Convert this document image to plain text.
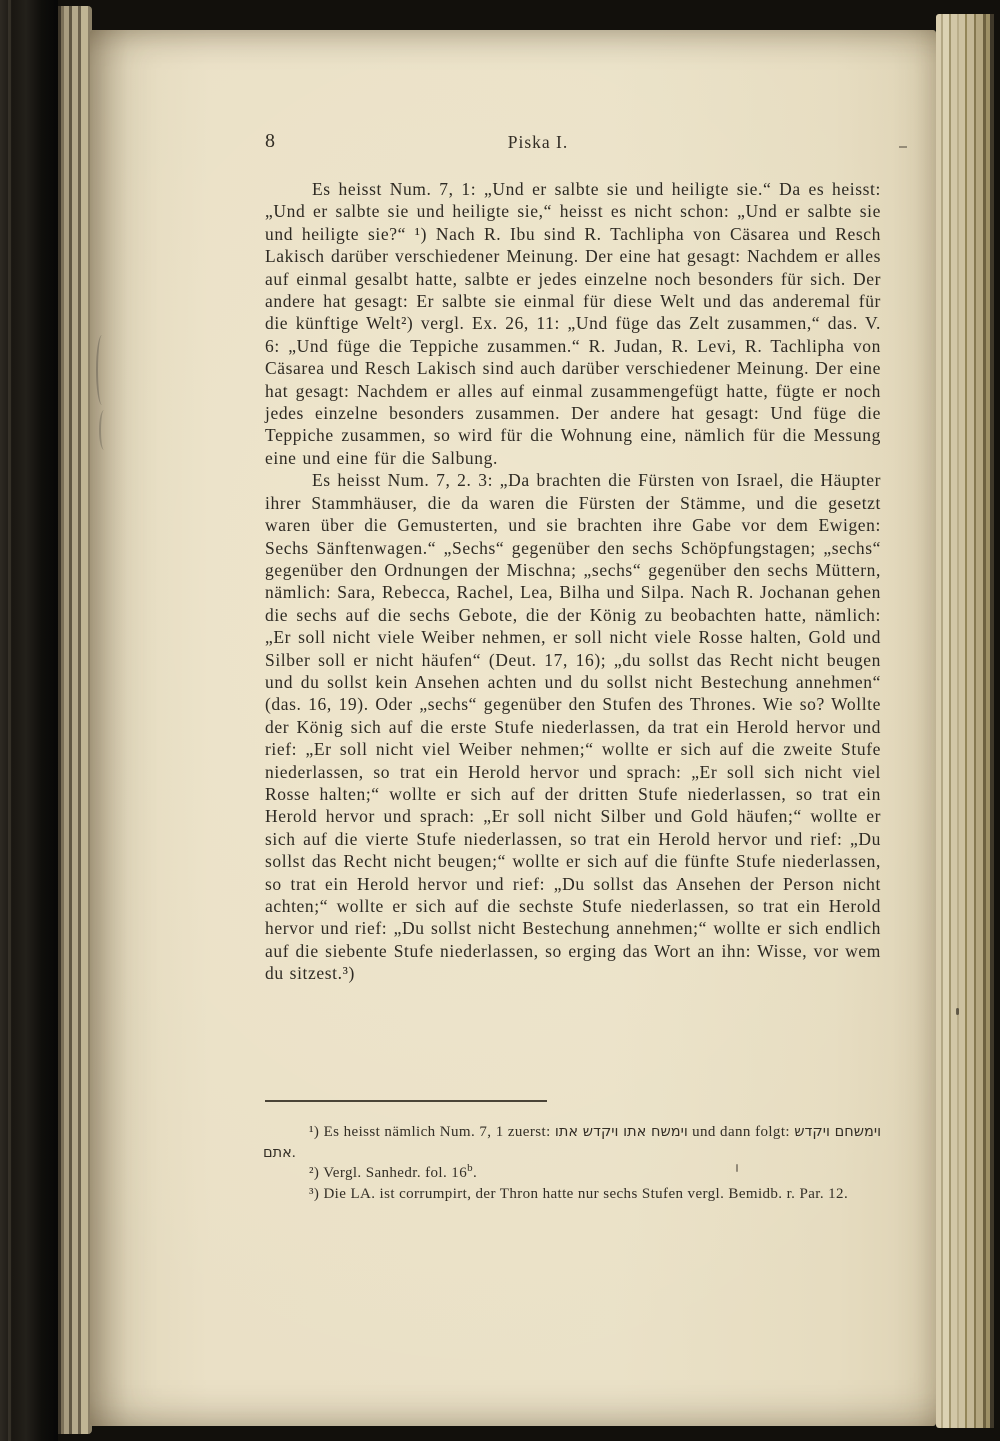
8	Piska I.

Es heisst Num. 7, 1: „Und er salbte sie und heiligte sie.“ Da es heisst: „Und er salbte sie und heiligte sie,“ heisst es nicht schon: „Und er salbte sie und heiligte sie?“ ¹) Nach R. Ibu sind R. Tachlipha von Cäsarea und Resch Lakisch darüber verschiedener Meinung. Der eine hat gesagt: Nachdem er alles auf einmal gesalbt hatte, salbte er jedes einzelne noch besonders für sich. Der andere hat gesagt: Er salbte sie einmal für diese Welt und das anderemal für die künftige Welt²) vergl. Ex. 26, 11: „Und füge das Zelt zusammen,“ das. V. 6: „Und füge die Teppiche zusammen.“ R. Judan, R. Levi, R. Tachlipha von Cäsarea und Resch Lakisch sind auch darüber verschiedener Meinung. Der eine hat gesagt: Nachdem er alles auf einmal zusammengefügt hatte, fügte er noch jedes einzelne besonders zusammen. Der andere hat gesagt: Und füge die Teppiche zusammen, so wird für die Wohnung eine, nämlich für die Messung eine und eine für die Salbung.

Es heisst Num. 7, 2. 3: „Da brachten die Fürsten von Israel, die Häupter ihrer Stammhäuser, die da waren die Fürsten der Stämme, und die gesetzt waren über die Gemusterten, und sie brachten ihre Gabe vor dem Ewigen: Sechs Sänftenwagen.“ „Sechs“ gegenüber den sechs Schöpfungstagen; „sechs“ gegenüber den Ordnungen der Mischna; „sechs“ gegenüber den sechs Müttern, nämlich: Sara, Rebecca, Rachel, Lea, Bilha und Silpa. Nach R. Jochanan gehen die sechs auf die sechs Gebote, die der König zu beobachten hatte, nämlich: „Er soll nicht viele Weiber nehmen, er soll nicht viele Rosse halten, Gold und Silber soll er nicht häufen“ (Deut. 17, 16); „du sollst das Recht nicht beugen und du sollst kein Ansehen achten und du sollst nicht Bestechung annehmen“ (das. 16, 19). Oder „sechs“ gegenüber den Stufen des Thrones. Wie so? Wollte der König sich auf die erste Stufe niederlassen, da trat ein Herold hervor und rief: „Er soll nicht viel Weiber nehmen;“ wollte er sich auf die zweite Stufe niederlassen, so trat ein Herold hervor und sprach: „Er soll sich nicht viel Rosse halten;“ wollte er sich auf der dritten Stufe niederlassen, so trat ein Herold hervor und sprach: „Er soll nicht Silber und Gold häufen;“ wollte er sich auf die vierte Stufe niederlassen, so trat ein Herold hervor und rief: „Du sollst das Recht nicht beugen;“ wollte er sich auf die fünfte Stufe niederlassen, so trat ein Herold hervor und rief: „Du sollst das Ansehen der Person nicht achten;“ wollte er sich auf die sechste Stufe niederlassen, so trat ein Herold hervor und rief: „Du sollst nicht Bestechung annehmen;“ wollte er sich endlich auf die siebente Stufe niederlassen, so erging das Wort an ihn: Wisse, vor wem du sitzest.³)

¹) Es heisst nämlich Num. 7, 1 zuerst: וימשח אתו ויקדש אתו und dann folgt: וימשחם ויקדש אתם.

²) Vergl. Sanhedr. fol. 16$^b$.

³) Die LA. ist corrumpirt, der Thron hatte nur sechs Stufen vergl. Bemidb. r. Par. 12.
